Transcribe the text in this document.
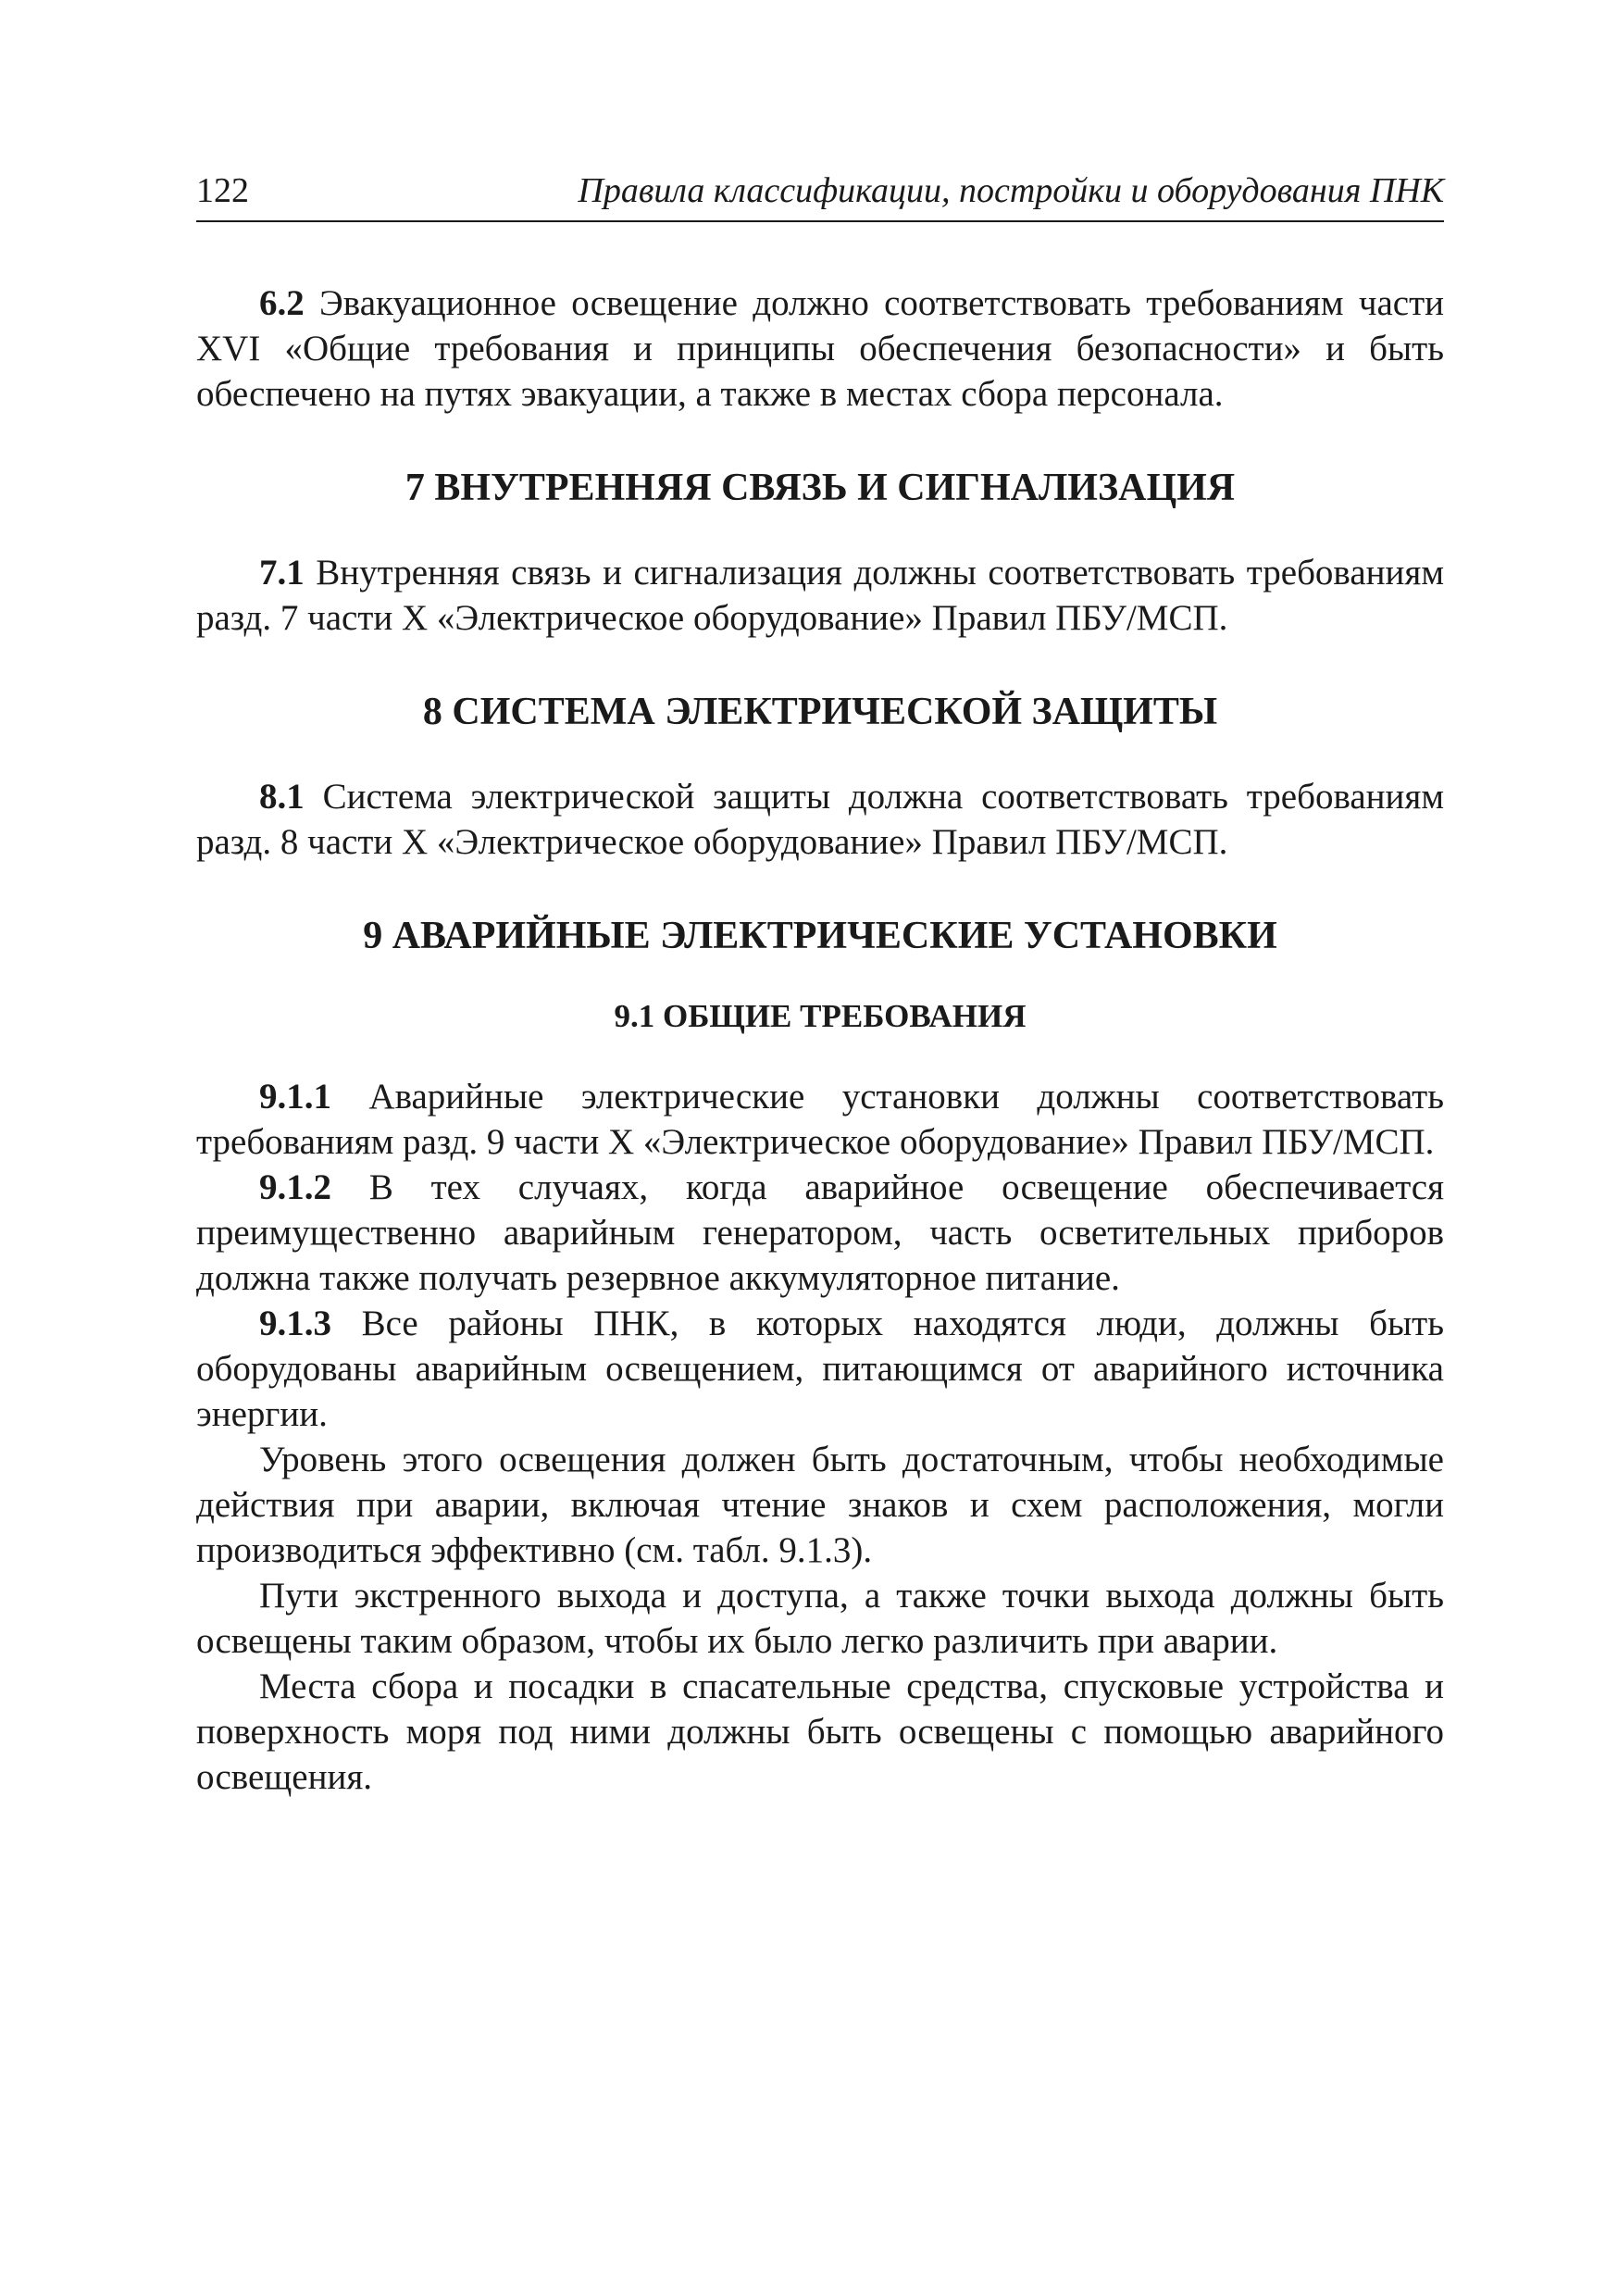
122	Правила классификации, постройки и оборудования ПНК

6.2 Эвакуационное освещение должно соответствовать требованиям части XVI «Общие требования и принципы обеспечения безопасности» и быть обеспечено на путях эвакуации, а также в местах сбора персонала.

7 ВНУТРЕННЯЯ СВЯЗЬ И СИГНАЛИЗАЦИЯ

7.1 Внутренняя связь и сигнализация должны соответствовать требованиям разд. 7 части Х «Электрическое оборудование» Правил ПБУ/МСП.

8 СИСТЕМА ЭЛЕКТРИЧЕСКОЙ ЗАЩИТЫ

8.1 Система электрической защиты должна соответствовать требованиям разд. 8 части Х «Электрическое оборудование» Правил ПБУ/МСП.

9 АВАРИЙНЫЕ ЭЛЕКТРИЧЕСКИЕ УСТАНОВКИ
9.1 ОБЩИЕ ТРЕБОВАНИЯ

9.1.1 Аварийные электрические установки должны соответствовать требованиям разд. 9 части Х «Электрическое оборудование» Правил ПБУ/МСП.

9.1.2 В тех случаях, когда аварийное освещение обеспечивается преимущественно аварийным генератором, часть осветительных приборов должна также получать резервное аккумуляторное питание.

9.1.3 Все районы ПНК, в которых находятся люди, должны быть оборудованы аварийным освещением, питающимся от аварийного источника энергии.

Уровень этого освещения должен быть достаточным, чтобы необходимые действия при аварии, включая чтение знаков и схем расположения, могли производиться эффективно (см. табл. 9.1.3).

Пути экстренного выхода и доступа, а также точки выхода должны быть освещены таким образом, чтобы их было легко различить при аварии.

Места сбора и посадки в спасательные средства, спусковые устройства и поверхность моря под ними должны быть освещены с помощью аварийного освещения.
